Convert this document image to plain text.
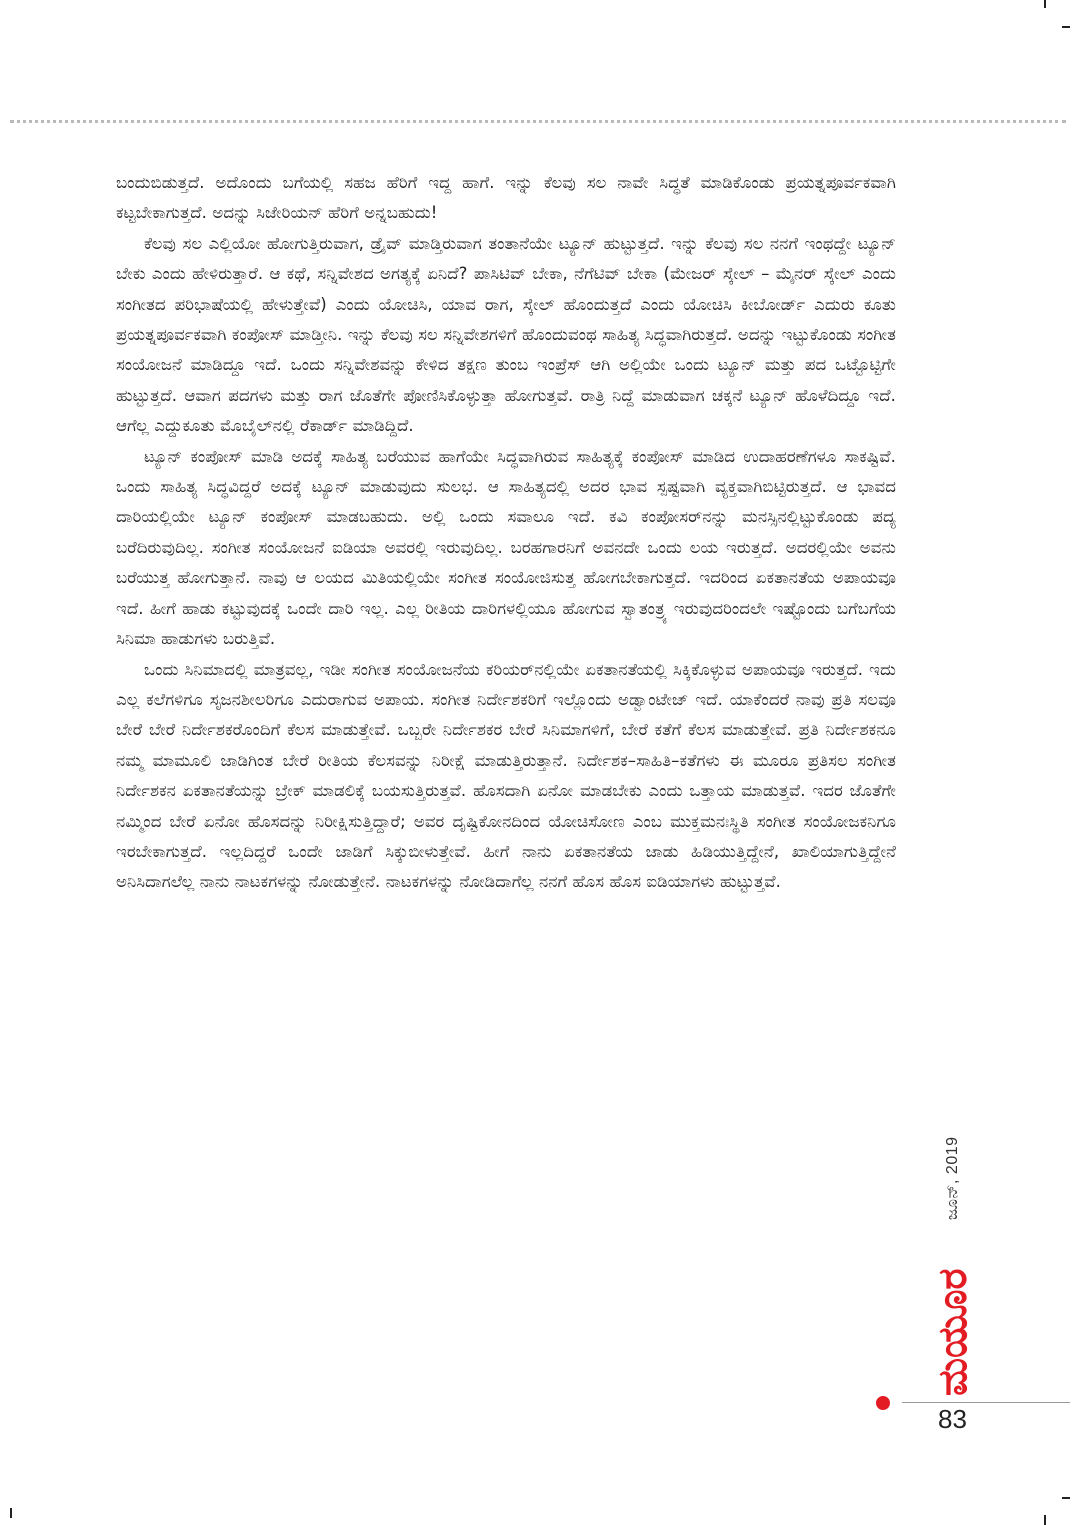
ಬಂದುಬಿಡುತ್ತದೆ. ಅದೊಂದು ಬಗೆಯಲ್ಲಿ ಸಹಜ ಹೆರಿಗೆ ಇದ್ದ ಹಾಗೆ. ಇನ್ನು ಕೆಲವು ಸಲ ನಾವೇ ಸಿದ್ಧತೆ ಮಾಡಿಕೊಂಡು ಪ್ರಯತ್ನಪೂರ್ವಕವಾಗಿ ಕಟ್ಟಬೇಕಾಗುತ್ತದೆ. ಅದನ್ನು ಸಿಜೇರಿಯನ್ ಹೆರಿಗೆ ಅನ್ನಬಹುದು!

ಕೆಲವು ಸಲ ಎಲ್ಲಿಯೋ ಹೋಗುತ್ತಿರುವಾಗ, ಡ್ರೈವ್ ಮಾಡ್ತಿರುವಾಗ ತಂತಾನೆಯೇ ಟ್ಯೂನ್ ಹುಟ್ಟುತ್ತದೆ. ಇನ್ನು ಕೆಲವು ಸಲ ನನಗೆ ಇಂಥದ್ದೇ ಟ್ಯೂನ್ ಬೇಕು ಎಂದು ಹೇಳಿರುತ್ತಾರೆ. ಆ ಕಥೆ, ಸನ್ನಿವೇಶದ ಅಗತ್ಯಕ್ಕೆ ಏನಿದೆ? ಪಾಸಿಟಿವ್ ಬೇಕಾ, ನೆಗೆಟಿವ್ ಬೇಕಾ (ಮೇಜರ್ ಸ್ಕೇಲ್ – ಮೈನರ್ ಸ್ಕೇಲ್ ಎಂದು ಸಂಗೀತದ ಪರಿಭಾಷೆಯಲ್ಲಿ ಹೇಳುತ್ತೇವೆ) ಎಂದು ಯೋಚಿಸಿ, ಯಾವ ರಾಗ, ಸ್ಕೇಲ್ ಹೊಂದುತ್ತದೆ ಎಂದು ಯೋಚಿಸಿ ಕೀಬೋರ್ಡ್ ಎದುರು ಕೂತು ಪ್ರಯತ್ನಪೂರ್ವಕವಾಗಿ ಕಂಪೋಸ್ ಮಾಡ್ತೀನಿ. ಇನ್ನು ಕೆಲವು ಸಲ ಸನ್ನಿವೇಶಗಳಿಗೆ ಹೊಂದುವಂಥ ಸಾಹಿತ್ಯ ಸಿದ್ಧವಾಗಿರುತ್ತದೆ. ಅದನ್ನು ಇಟ್ಟುಕೊಂಡು ಸಂಗೀತ ಸಂಯೋಜನೆ ಮಾಡಿದ್ದೂ ಇದೆ. ಒಂದು ಸನ್ನಿವೇಶವನ್ನು ಕೇಳಿದ ತಕ್ಷಣ ತುಂಬ ಇಂಪ್ರೆಸ್ ಆಗಿ ಅಲ್ಲಿಯೇ ಒಂದು ಟ್ಯೂನ್ ಮತ್ತು ಪದ ಒಟ್ಟೊಟ್ಟಿಗೇ ಹುಟ್ಟುತ್ತದೆ. ಆವಾಗ ಪದಗಳು ಮತ್ತು ರಾಗ ಜೊತೆಗೇ ಪೋಣಿಸಿಕೊಳ್ಳುತ್ತಾ ಹೋಗುತ್ತವೆ. ರಾತ್ರಿ ನಿದ್ದೆ ಮಾಡುವಾಗ ಚಕ್ಕನೆ ಟ್ಯೂನ್ ಹೊಳೆದಿದ್ದೂ ಇದೆ. ಆಗೆಲ್ಲ ಎದ್ದುಕೂತು ಮೊಬೈಲ್‌ನಲ್ಲಿ ರೆಕಾರ್ಡ್ ಮಾಡಿದ್ದಿದೆ.

ಟ್ಯೂನ್ ಕಂಪೋಸ್ ಮಾಡಿ ಅದಕ್ಕೆ ಸಾಹಿತ್ಯ ಬರೆಯುವ ಹಾಗೆಯೇ ಸಿದ್ಧವಾಗಿರುವ ಸಾಹಿತ್ಯಕ್ಕೆ ಕಂಪೋಸ್ ಮಾಡಿದ ಉದಾಹರಣೆಗಳೂ ಸಾಕಷ್ಟಿವೆ. ಒಂದು ಸಾಹಿತ್ಯ ಸಿದ್ಧವಿದ್ದರೆ ಅದಕ್ಕೆ ಟ್ಯೂನ್ ಮಾಡುವುದು ಸುಲಭ. ಆ ಸಾಹಿತ್ಯದಲ್ಲಿ ಅದರ ಭಾವ ಸ್ಪಷ್ಟವಾಗಿ ವ್ಯಕ್ತವಾಗಿಬಿಟ್ಟಿರುತ್ತದೆ. ಆ ಭಾವದ ದಾರಿಯಲ್ಲಿಯೇ ಟ್ಯೂನ್ ಕಂಪೋಸ್ ಮಾಡಬಹುದು. ಅಲ್ಲಿ ಒಂದು ಸವಾಲೂ ಇದೆ. ಕವಿ ಕಂಪೋಸರ್‌ನನ್ನು ಮನಸ್ಸಿನಲ್ಲಿಟ್ಟುಕೊಂಡು ಪದ್ಯ ಬರೆದಿರುವುದಿಲ್ಲ. ಸಂಗೀತ ಸಂಯೋಜನೆ ಐಡಿಯಾ ಅವರಲ್ಲಿ ಇರುವುದಿಲ್ಲ. ಬರಹಗಾರನಿಗೆ ಅವನದೇ ಒಂದು ಲಯ ಇರುತ್ತದೆ. ಅದರಲ್ಲಿಯೇ ಅವನು ಬರೆಯುತ್ತ ಹೋಗುತ್ತಾನೆ. ನಾವು ಆ ಲಯದ ಮಿತಿಯಲ್ಲಿಯೇ ಸಂಗೀತ ಸಂಯೋಜಿಸುತ್ತ ಹೋಗಬೇಕಾಗುತ್ತದೆ. ಇದರಿಂದ ಏಕತಾನತೆಯ ಅಪಾಯವೂ ಇದೆ. ಹೀಗೆ ಹಾಡು ಕಟ್ಟುವುದಕ್ಕೆ ಒಂದೇ ದಾರಿ ಇಲ್ಲ. ಎಲ್ಲ ರೀತಿಯ ದಾರಿಗಳಲ್ಲಿಯೂ ಹೋಗುವ ಸ್ವಾತಂತ್ರ್ಯ ಇರುವುದರಿಂದಲೇ ಇಷ್ಟೊಂದು ಬಗೆಬಗೆಯ ಸಿನಿಮಾ ಹಾಡುಗಳು ಬರುತ್ತಿವೆ.

ಒಂದು ಸಿನಿಮಾದಲ್ಲಿ ಮಾತ್ರವಲ್ಲ, ಇಡೀ ಸಂಗೀತ ಸಂಯೋಜನೆಯ ಕರಿಯರ್‌ನಲ್ಲಿಯೇ ಏಕತಾನತೆಯಲ್ಲಿ ಸಿಕ್ಕಿಕೊಳ್ಳುವ ಅಪಾಯವೂ ಇರುತ್ತದೆ. ಇದು ಎಲ್ಲ ಕಲೆಗಳಿಗೂ ಸೃಜನಶೀಲರಿಗೂ ಎದುರಾಗುವ ಅಪಾಯ. ಸಂಗೀತ ನಿರ್ದೇಶಕರಿಗೆ ಇಲ್ಲೊಂದು ಅಡ್ವಾಂಟೇಜ್ ಇದೆ. ಯಾಕೆಂದರೆ ನಾವು ಪ್ರತಿ ಸಲವೂ ಬೇರೆ ಬೇರೆ ನಿರ್ದೇಶಕರೊಂದಿಗೆ ಕೆಲಸ ಮಾಡುತ್ತೇವೆ. ಒಬ್ಬರೇ ನಿರ್ದೇಶಕರ ಬೇರೆ ಸಿನಿಮಾಗಳಿಗೆ, ಬೇರೆ ಕತೆಗೆ ಕೆಲಸ ಮಾಡುತ್ತೇವೆ. ಪ್ರತಿ ನಿರ್ದೇಶಕನೂ ನಮ್ಮ ಮಾಮೂಲಿ ಜಾಡಿಗಿಂತ ಬೇರೆ ರೀತಿಯ ಕೆಲಸವನ್ನು ನಿರೀಕ್ಷೆ ಮಾಡುತ್ತಿರುತ್ತಾನೆ. ನಿರ್ದೇಶಕ–ಸಾಹಿತಿ–ಕತೆಗಳು ಈ ಮೂರೂ ಪ್ರತಿಸಲ ಸಂಗೀತ ನಿರ್ದೇಶಕನ ಏಕತಾನತೆಯನ್ನು ಬ್ರೇಕ್ ಮಾಡಲಿಕ್ಕೆ ಬಯಸುತ್ತಿರುತ್ತವೆ. ಹೊಸದಾಗಿ ಏನೋ ಮಾಡಬೇಕು ಎಂದು ಒತ್ತಾಯ ಮಾಡುತ್ತವೆ. ಇದರ ಜೊತೆಗೇ ನಮ್ಮಿಂದ ಬೇರೆ ಏನೋ ಹೊಸದನ್ನು ನಿರೀಕ್ಷಿಸುತ್ತಿದ್ದಾರೆ; ಅವರ ದೃಷ್ಟಿಕೋನದಿಂದ ಯೋಚಿಸೋಣ ಎಂಬ ಮುಕ್ತಮನಃಸ್ಥಿತಿ ಸಂಗೀತ ಸಂಯೋಜಕನಿಗೂ ಇರಬೇಕಾಗುತ್ತದೆ. ಇಲ್ಲದಿದ್ದರೆ ಒಂದೇ ಜಾಡಿಗೆ ಸಿಕ್ಕುಬೀಳುತ್ತೇವೆ. ಹೀಗೆ ನಾನು ಏಕತಾನತೆಯ ಜಾಡು ಹಿಡಿಯುತ್ತಿದ್ದೇನೆ, ಖಾಲಿಯಾಗುತ್ತಿದ್ದೇನೆ ಅನಿಸಿದಾಗಲೆಲ್ಲ ನಾನು ನಾಟಕಗಳನ್ನು ನೋಡುತ್ತೇನೆ. ನಾಟಕಗಳನ್ನು ನೋಡಿದಾಗೆಲ್ಲ ನನಗೆ ಹೊಸ ಹೊಸ ಐಡಿಯಾಗಳು ಹುಟ್ಟುತ್ತವೆ.

ಜೂನ್, 2019
ಮಯೂರ
83
